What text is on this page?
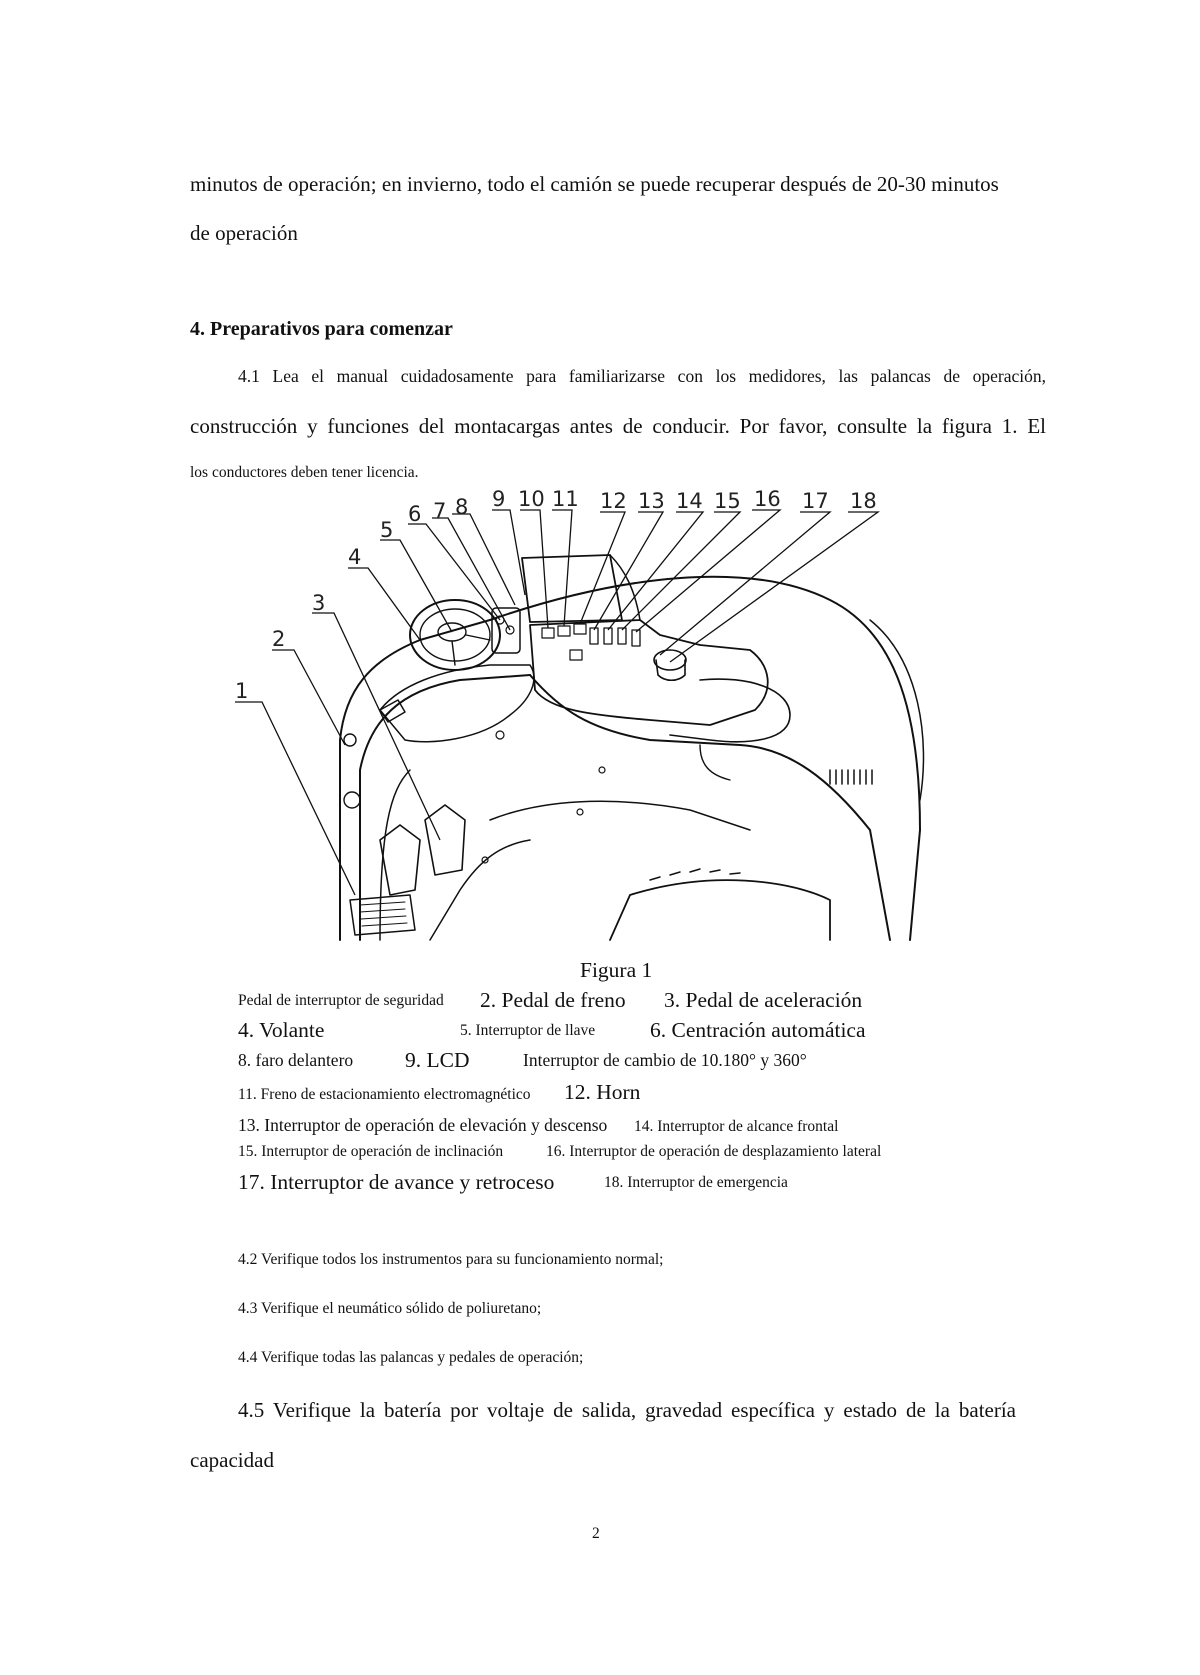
minutos de operación; en invierno, todo el camión se puede recuperar después de 20-30 minutos
de operación
4. Preparativos para comenzar
4.1 Lea el manual cuidadosamente para familiarizarse con los medidores, las palancas de operación,
construcción y funciones del montacargas antes de conducir. Por favor, consulte la figura 1. El
los conductores deben tener licencia.
1
2
3
4
5
6 7 8 9 10 11 12 13 14 15 16 17 18
Figura 1
Pedal de interruptor de seguridad 2. Pedal de freno 3. Pedal de aceleración
4. Volante	5. Interruptor de llave	6. Centración automática
8. faro delantero 9. LCD	Interruptor de cambio de 10.180° y 360°
11. Freno de estacionamiento electromagnético 12. Horn
13. Interruptor de operación de elevación y descenso 14. Interruptor de alcance frontal
15. Interruptor de operación de inclinación	16. Interruptor de operación de desplazamiento lateral
17. Interruptor de avance y retroceso	18. Interruptor de emergencia
4.2 Verifique todos los instrumentos para su funcionamiento normal;
4.3 Verifique el neumático sólido de poliuretano;
4.4 Verifique todas las palancas y pedales de operación;
4.5 Verifique la batería por voltaje de salida, gravedad específica y estado de la batería
capacidad
2
